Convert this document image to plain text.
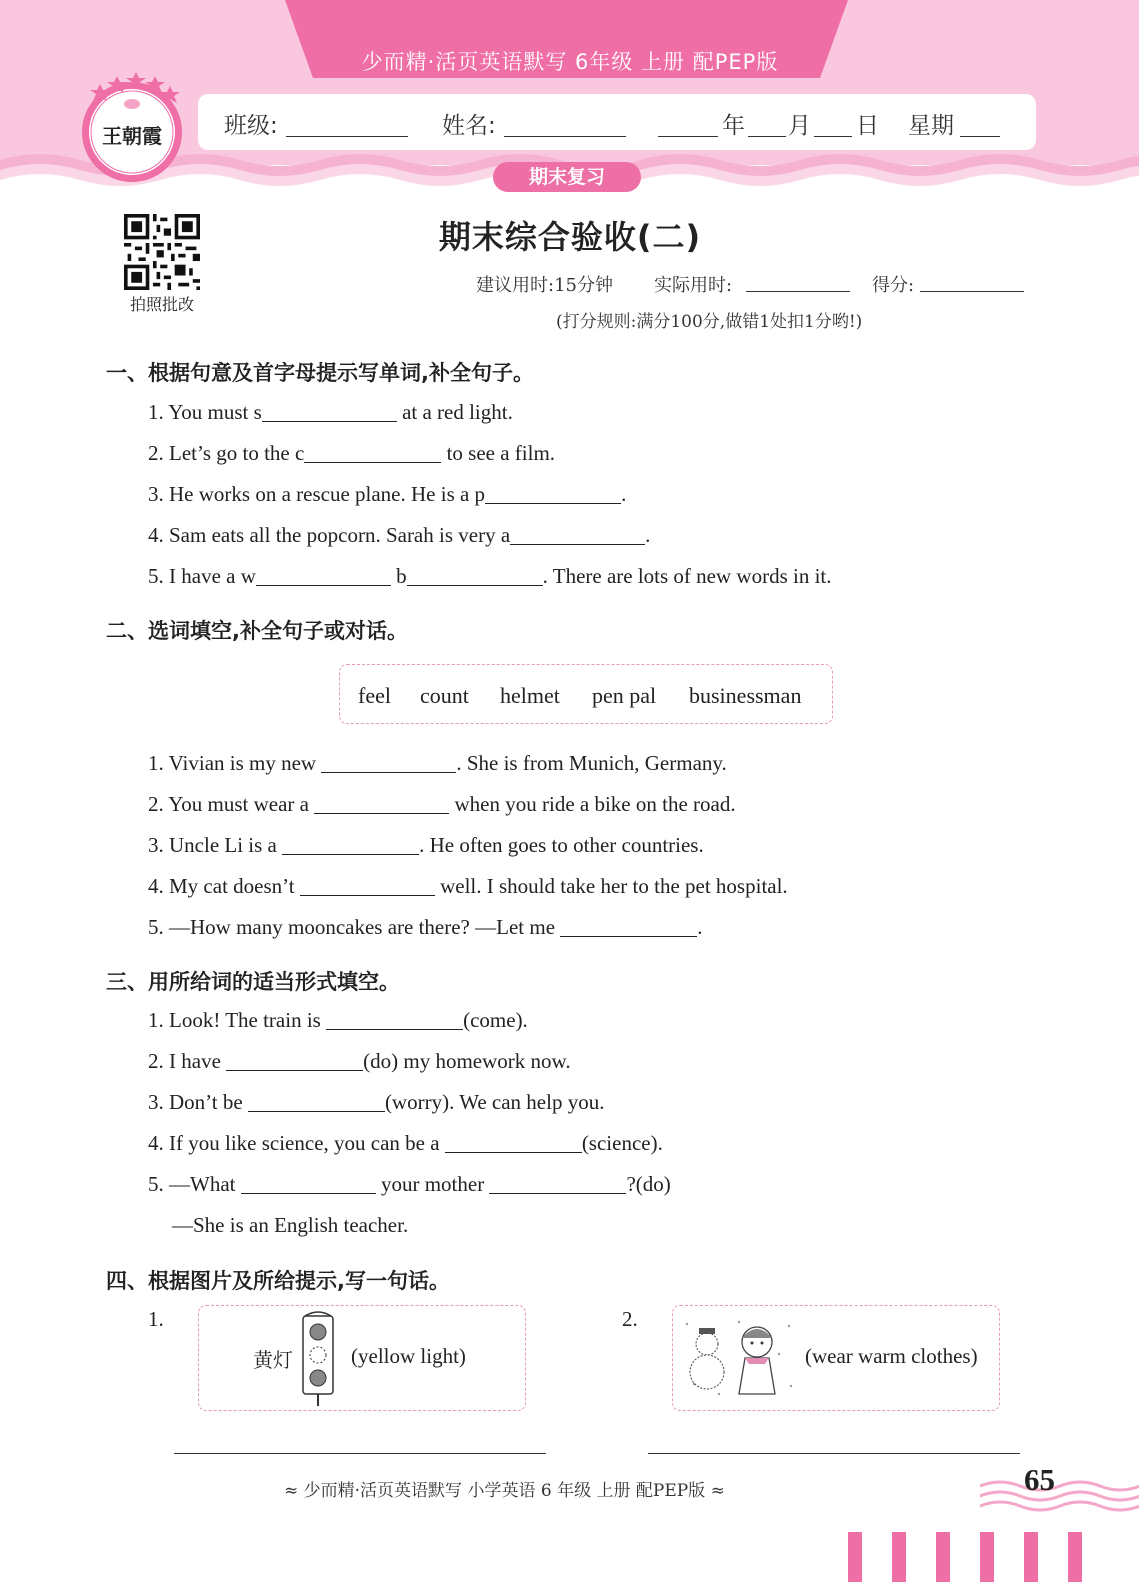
少而精·活页英语默写 6年级 上册 配PEP版
班级:	姓名:	年 月 日 星期
期末复习
王朝霞
拍照批改
期末综合验收(二)
建议用时:15分钟 实际用时:	得分:
(打分规则:满分100分,做错1处扣1分哟!)
一、根据句意及首字母提示写单词,补全句子。
1. You must s	at a red light.
2. Let’s go to the c	to see a film.
3. He works on a rescue plane. He is a p	.
4. Sam eats all the popcorn. Sarah is very a	.
5. I have a w	b	. There are lots of new words in it.
二、选词填空,补全句子或对话。
feel count helmet pen pal businessman
1. Vivian is my new	. She is from Munich, Germany.
2. You must wear a	when you ride a bike on the road.
3. Uncle Li is a	. He often goes to other countries.
4. My cat doesn’t	well. I should take her to the pet hospital.
5. —How many mooncakes are there? —Let me	.
三、用所给词的适当形式填空。
1. Look! The train is	(come).
2. I have	(do) my homework now.
3. Don’t be	(worry). We can help you.
4. If you like science, you can be a	(science).
5. —What	your mother	?(do)
—She is an English teacher.
四、根据图片及所给提示,写一句话。
1.
黄灯	(yellow light)
2.
(wear warm clothes)
≈ 少而精·活页英语默写 小学英语 6 年级 上册 配PEP版 ≈	65
